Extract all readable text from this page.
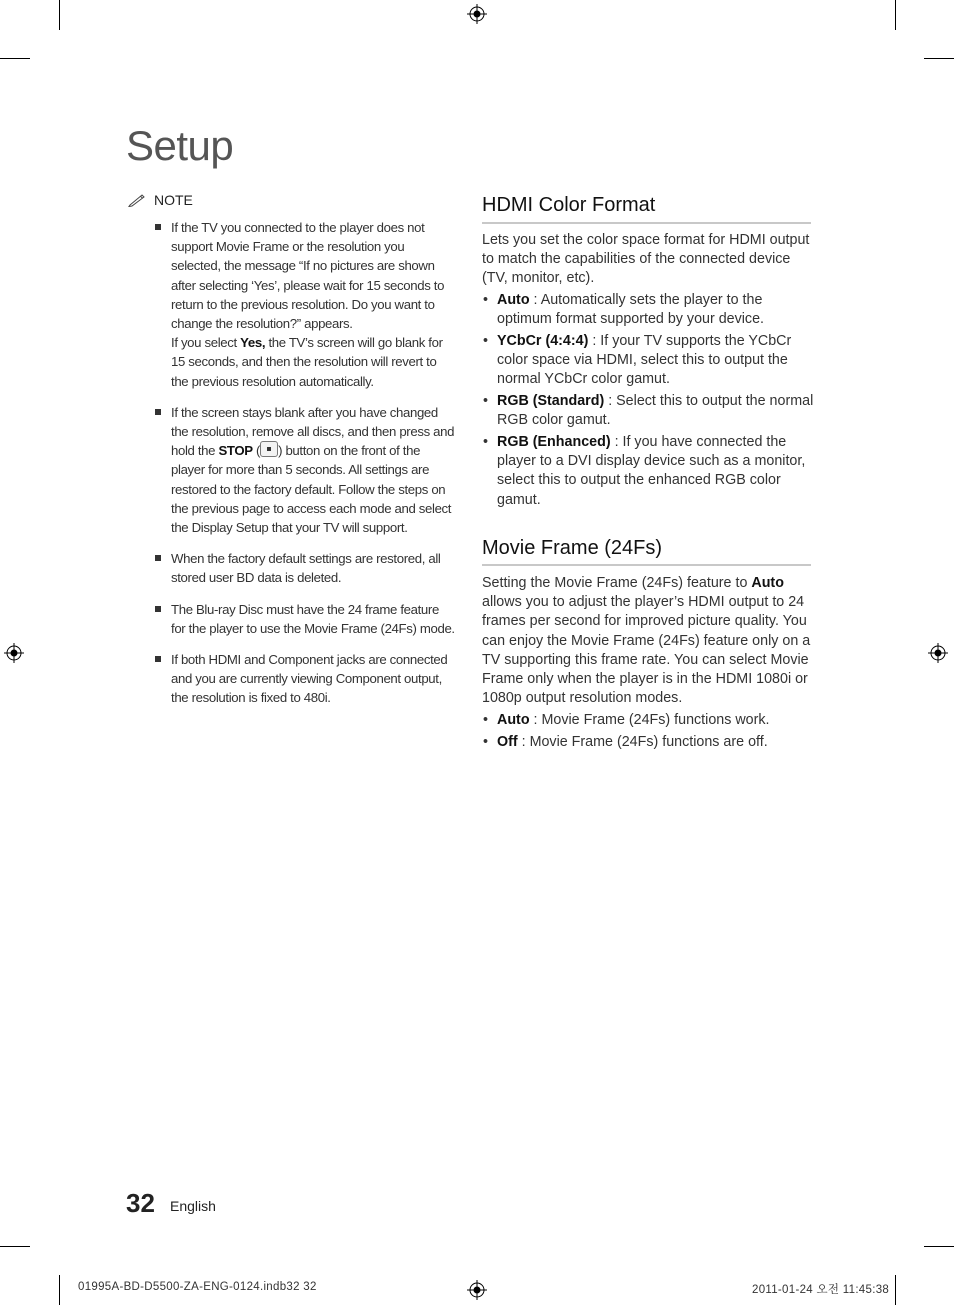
Setup
NOTE
If the TV you connected to the player does not support Movie Frame or the resolution you selected, the message “If no pictures are shown after selecting ‘Yes’, please wait for 15 seconds to return to the previous resolution. Do you want to change the resolution?” appears.
If you select Yes, the TV’s screen will go blank for 15 seconds, and then the resolution will revert to the previous resolution automatically.
If the screen stays blank after you have changed the resolution, remove all discs, and then press and hold the STOP ( ) button on the front of the player for more than 5 seconds. All settings are restored to the factory default. Follow the steps on the previous page to access each mode and select the Display Setup that your TV will support.
When the factory default settings are restored, all stored user BD data is deleted.
The Blu-ray Disc must have the 24 frame feature for the player to use the Movie Frame (24Fs) mode.
If both HDMI and Component jacks are connected and you are currently viewing Component output, the resolution is fixed to 480i.
HDMI Color Format

Lets you set the color space format for HDMI output to match the capabilities of the connected device (TV, monitor, etc).

• Auto : Automatically sets the player to the optimum format supported by your device.
• YCbCr (4:4:4) : If your TV supports the YCbCr color space via HDMI, select this to output the normal YCbCr color gamut.
• RGB (Standard) : Select this to output the normal RGB color gamut.
• RGB (Enhanced) : If you have connected the player to a DVI display device such as a monitor, select this to output the enhanced RGB color gamut.
Movie Frame (24Fs)

Setting the Movie Frame (24Fs) feature to Auto allows you to adjust the player’s HDMI output to 24 frames per second for improved picture quality. You can enjoy the Movie Frame (24Fs) feature only on a TV supporting this frame rate. You can select Movie Frame only when the player is in the HDMI 1080i or 1080p output resolution modes.

• Auto : Movie Frame (24Fs) functions work.
• Off : Movie Frame (24Fs) functions are off.
32 English
01995A-BD-D5500-ZA-ENG-0124.indb32 32	2011-01-24 오전 11:45:38
